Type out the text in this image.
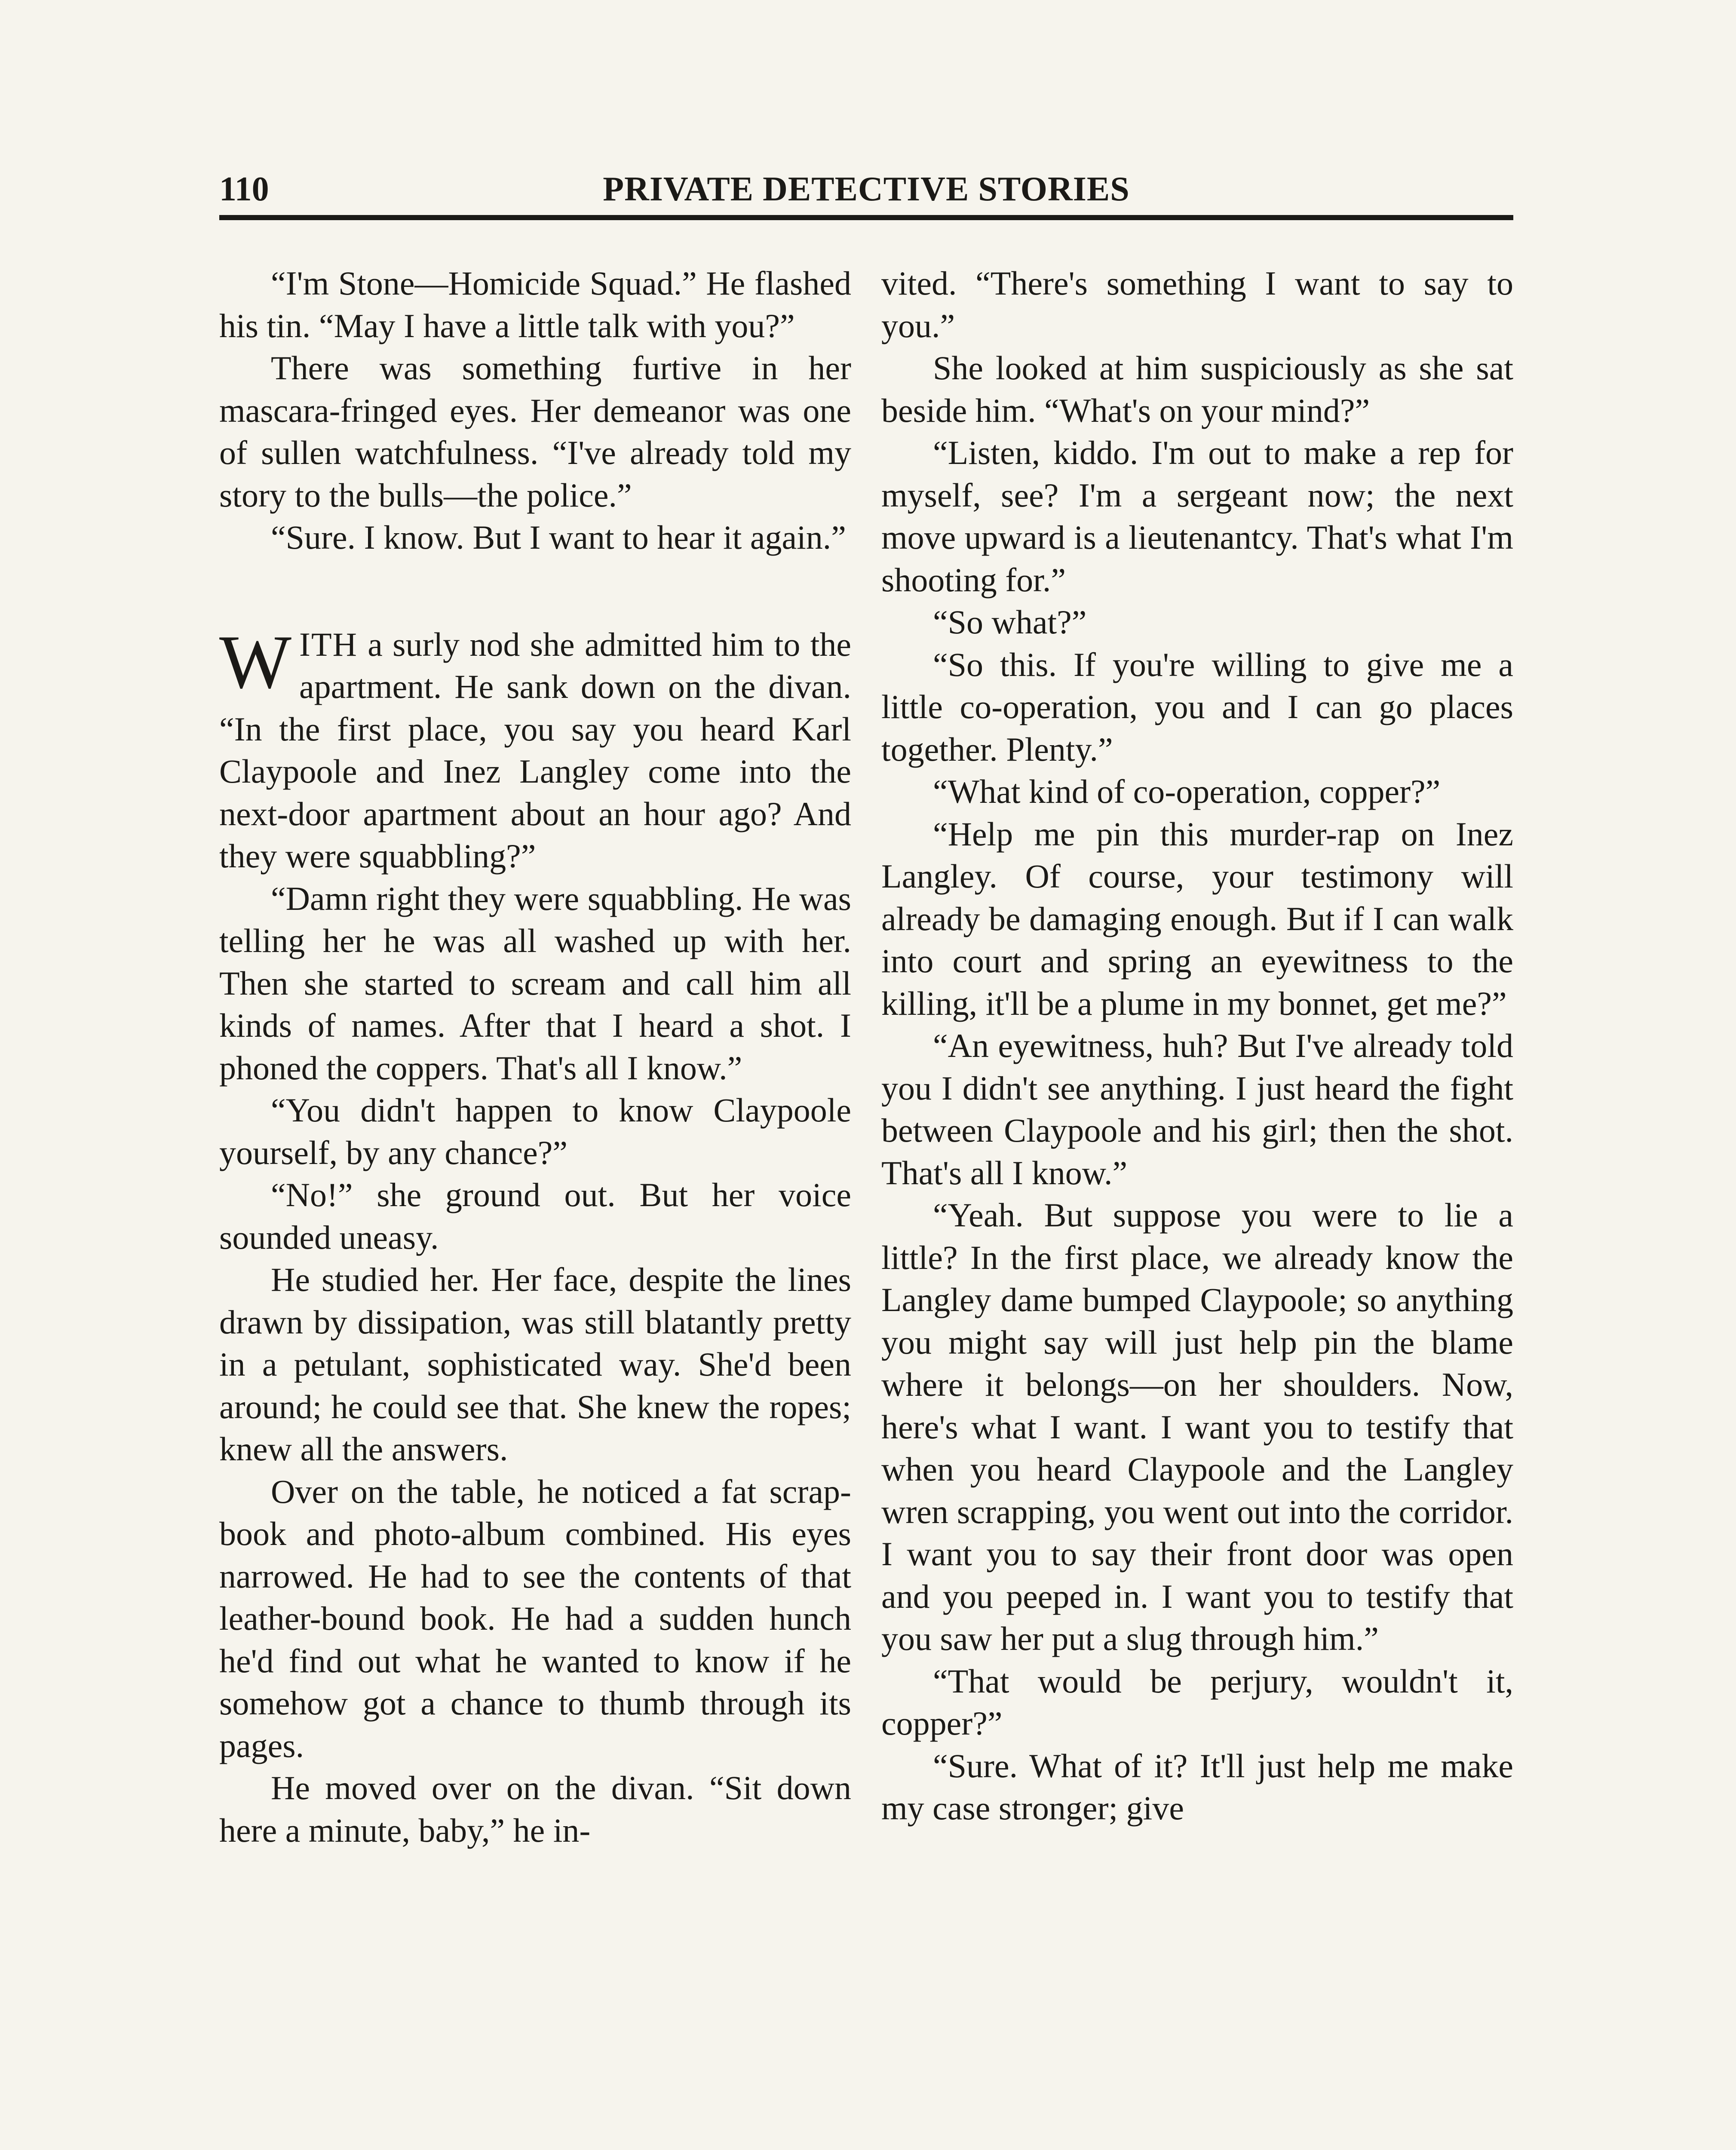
110	PRIVATE DETECTIVE STORIES

“I'm Stone—Homicide Squad.” He flashed his tin. “May I have a little talk with you?”

There was something furtive in her mascara-fringed eyes. Her demeanor was one of sullen watchfulness. “I've already told my story to the bulls—the police.”

“Sure. I know. But I want to hear it again.”

WITH a surly nod she admitted him to the apartment. He sank down on the divan. “In the first place, you say you heard Karl Claypoole and Inez Langley come into the next-door apartment about an hour ago? And they were squabbling?”

“Damn right they were squabbling. He was telling her he was all washed up with her. Then she started to scream and call him all kinds of names. After that I heard a shot. I phoned the coppers. That's all I know.”

“You didn't happen to know Claypoole yourself, by any chance?”

“No!” she ground out. But her voice sounded uneasy.

He studied her. Her face, despite the lines drawn by dissipation, was still blatantly pretty in a petulant, sophisticated way. She'd been around; he could see that. She knew the ropes; knew all the answers.

Over on the table, he noticed a fat scrap-book and photo-album combined. His eyes narrowed. He had to see the contents of that leather-bound book. He had a sudden hunch he'd find out what he wanted to know if he somehow got a chance to thumb through its pages.

He moved over on the divan. “Sit down here a minute, baby,” he in-

vited. “There's something I want to say to you.”

She looked at him suspiciously as she sat beside him. “What's on your mind?”

“Listen, kiddo. I'm out to make a rep for myself, see? I'm a sergeant now; the next move upward is a lieutenantcy. That's what I'm shooting for.”

“So what?”

“So this. If you're willing to give me a little co-operation, you and I can go places together. Plenty.”

“What kind of co-operation, copper?”

“Help me pin this murder-rap on Inez Langley. Of course, your testimony will already be damaging enough. But if I can walk into court and spring an eyewitness to the killing, it'll be a plume in my bonnet, get me?”

“An eyewitness, huh? But I've already told you I didn't see anything. I just heard the fight between Claypoole and his girl; then the shot. That's all I know.”

“Yeah. But suppose you were to lie a little? In the first place, we already know the Langley dame bumped Claypoole; so anything you might say will just help pin the blame where it belongs—on her shoulders. Now, here's what I want. I want you to testify that when you heard Claypoole and the Langley wren scrapping, you went out into the corridor. I want you to say their front door was open and you peeped in. I want you to testify that you saw her put a slug through him.”

“That would be perjury, wouldn't it, copper?”

“Sure. What of it? It'll just help me make my case stronger; give
